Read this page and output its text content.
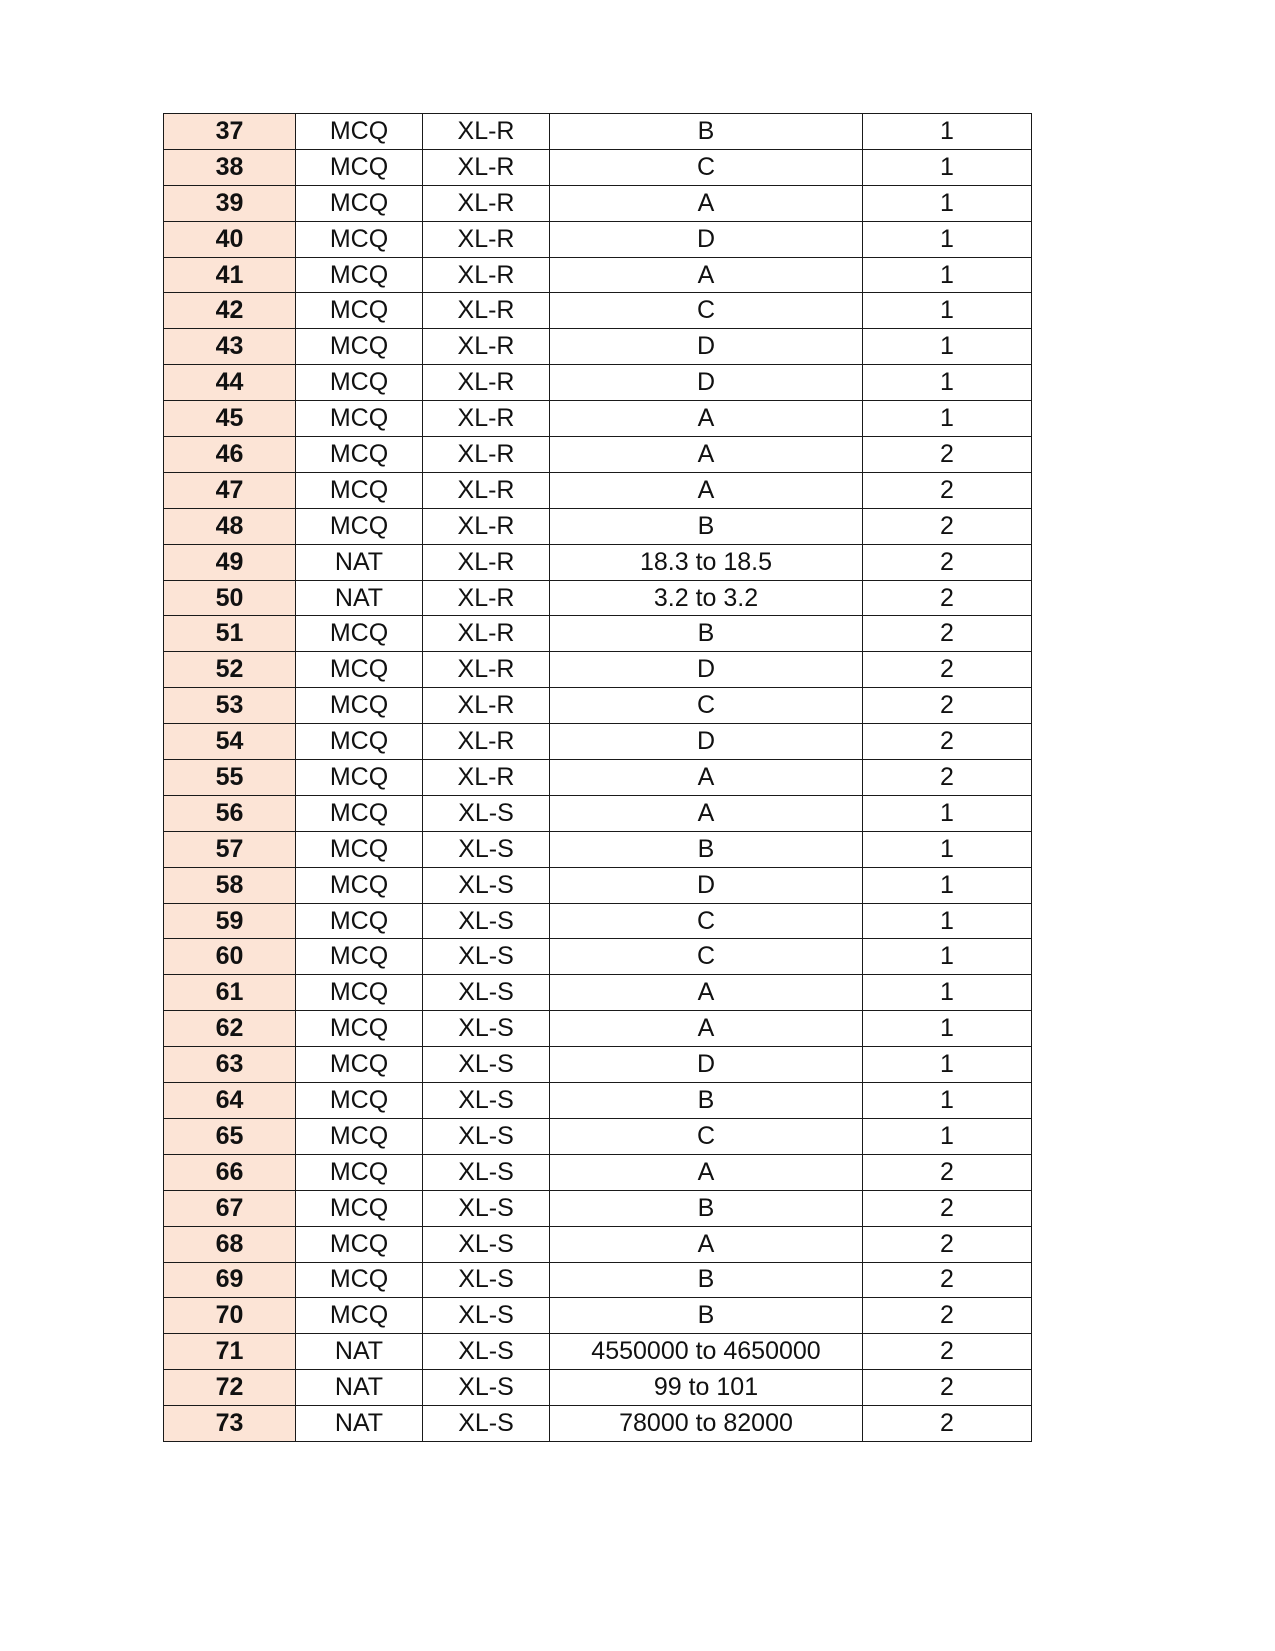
37	MCQ	XL-R	B	1
38	MCQ	XL-R	C	1
39	MCQ	XL-R	A	1
40	MCQ	XL-R	D	1
41	MCQ	XL-R	A	1
42	MCQ	XL-R	C	1
43	MCQ	XL-R	D	1
44	MCQ	XL-R	D	1
45	MCQ	XL-R	A	1
46	MCQ	XL-R	A	2
47	MCQ	XL-R	A	2
48	MCQ	XL-R	B	2
49	NAT	XL-R	18.3 to 18.5	2
50	NAT	XL-R	3.2 to 3.2	2
51	MCQ	XL-R	B	2
52	MCQ	XL-R	D	2
53	MCQ	XL-R	C	2
54	MCQ	XL-R	D	2
55	MCQ	XL-R	A	2
56	MCQ	XL-S	A	1
57	MCQ	XL-S	B	1
58	MCQ	XL-S	D	1
59	MCQ	XL-S	C	1
60	MCQ	XL-S	C	1
61	MCQ	XL-S	A	1
62	MCQ	XL-S	A	1
63	MCQ	XL-S	D	1
64	MCQ	XL-S	B	1
65	MCQ	XL-S	C	1
66	MCQ	XL-S	A	2
67	MCQ	XL-S	B	2
68	MCQ	XL-S	A	2
69	MCQ	XL-S	B	2
70	MCQ	XL-S	B	2
71	NAT	XL-S	4550000 to 4650000	2
72	NAT	XL-S	99 to 101	2
73	NAT	XL-S	78000 to 82000	2
